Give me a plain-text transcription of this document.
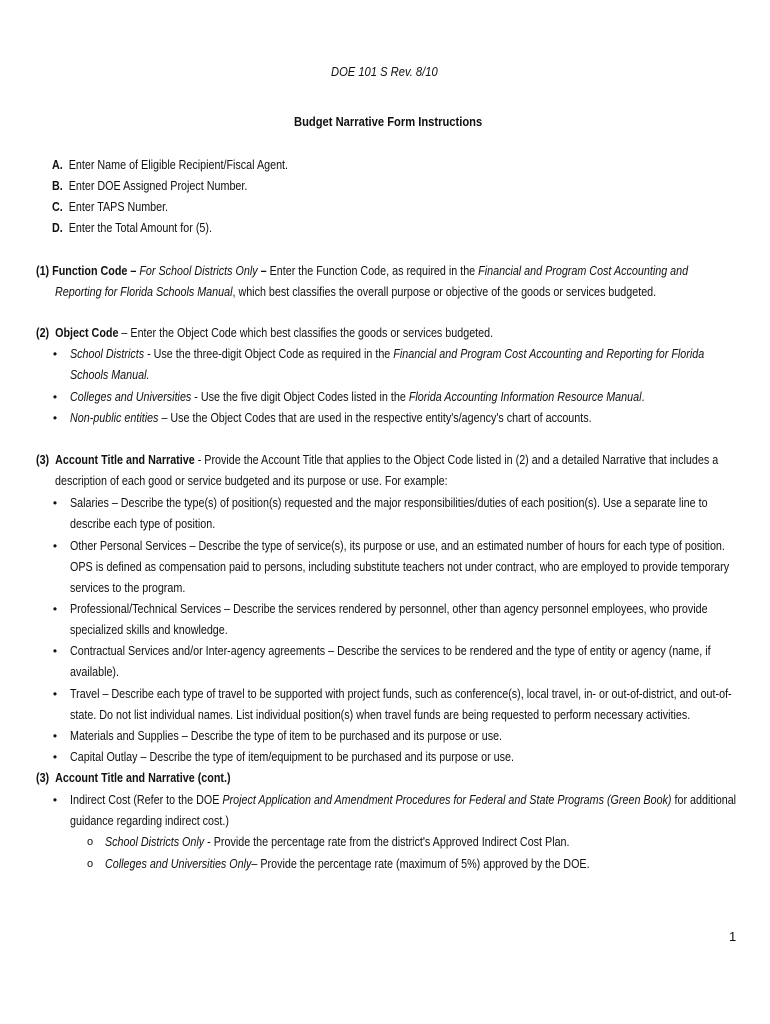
DOE 101 S Rev. 8/10
Budget Narrative Form Instructions
A. Enter Name of Eligible Recipient/Fiscal Agent.
B. Enter DOE Assigned Project Number.
C. Enter TAPS Number.
D. Enter the Total Amount for (5).
(1) Function Code – For School Districts Only – Enter the Function Code, as required in the Financial and Program Cost Accounting and
Reporting for Florida Schools Manual, which best classifies the overall purpose or objective of the goods or services budgeted.
(2) Object Code – Enter the Object Code which best classifies the goods or services budgeted.
• School Districts - Use the three-digit Object Code as required in the Financial and Program Cost Accounting and Reporting for Florida
Schools Manual.
• Colleges and Universities - Use the five digit Object Codes listed in the Florida Accounting Information Resource Manual.
• Non-public entities – Use the Object Codes that are used in the respective entity's/agency's chart of accounts.
(3) Account Title and Narrative - Provide the Account Title that applies to the Object Code listed in (2) and a detailed Narrative that includes a
description of each good or service budgeted and its purpose or use. For example:
• Salaries – Describe the type(s) of position(s) requested and the major responsibilities/duties of each position(s). Use a separate line to
describe each type of position.
• Other Personal Services – Describe the type of service(s), its purpose or use, and an estimated number of hours for each type of position.
OPS is defined as compensation paid to persons, including substitute teachers not under contract, who are employed to provide temporary
services to the program.
• Professional/Technical Services – Describe the services rendered by personnel, other than agency personnel employees, who provide
specialized skills and knowledge.
• Contractual Services and/or Inter-agency agreements – Describe the services to be rendered and the type of entity or agency (name, if
available).
• Travel – Describe each type of travel to be supported with project funds, such as conference(s), local travel, in- or out-of-district, and out-of-
state. Do not list individual names. List individual position(s) when travel funds are being requested to perform necessary activities.
• Materials and Supplies – Describe the type of item to be purchased and its purpose or use.
• Capital Outlay – Describe the type of item/equipment to be purchased and its purpose or use.
(3) Account Title and Narrative (cont.)
• Indirect Cost (Refer to the DOE Project Application and Amendment Procedures for Federal and State Programs (Green Book) for additional
guidance regarding indirect cost.)
o School Districts Only - Provide the percentage rate from the district's Approved Indirect Cost Plan.
o Colleges and Universities Only– Provide the percentage rate (maximum of 5%) approved by the DOE.
1
